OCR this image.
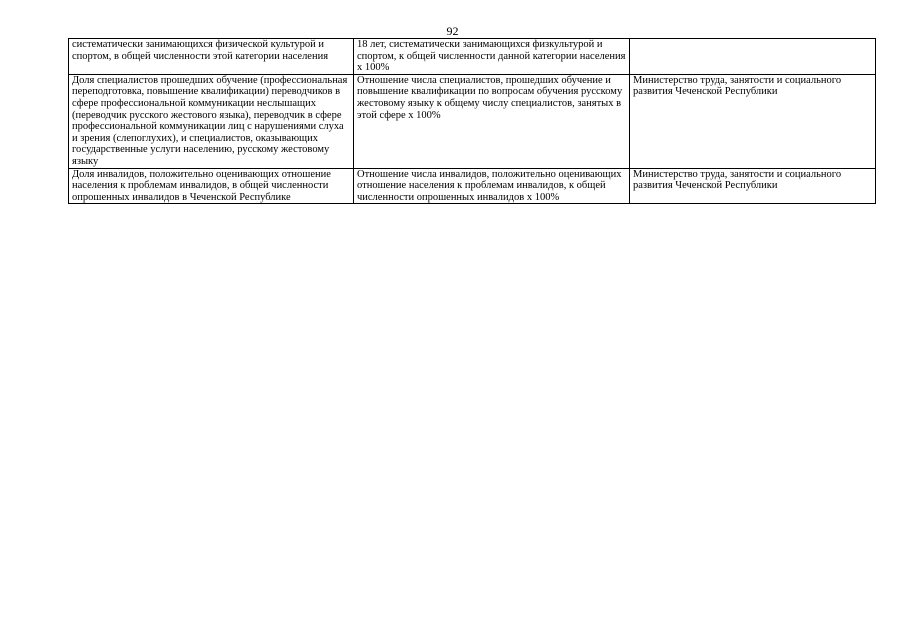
92
систематически занимающихся физической культурой и спортом, в общей численности этой категории населения	18 лет, систематически занимающихся физкультурой и спортом, к общей численности данной категории населения x 100%	
Доля специалистов прошедших обучение (профессиональная переподготовка, повышение квалификации) переводчиков в сфере профессиональной коммуникации неслышащих (переводчик русского жестового языка), переводчик в сфере профессиональной коммуникации лиц с нарушениями слуха и зрения (слепоглухих), и специалистов, оказывающих государственные услуги населению, русскому жестовому языку	Отношение числа специалистов, прошедших обучение и повышение квалификации по вопросам обучения русскому жестовому языку к общему числу специалистов, занятых в этой сфере x 100%	Министерство труда, занятости и социального развития Чеченской Республики
Доля инвалидов, положительно оценивающих отношение населения к проблемам инвалидов, в общей численности опрошенных инвалидов в Чеченской Республике	Отношение числа инвалидов, положительно оценивающих отношение населения к проблемам инвалидов, к общей численности опрошенных инвалидов x 100%	Министерство труда, занятости и социального развития Чеченской Республики
